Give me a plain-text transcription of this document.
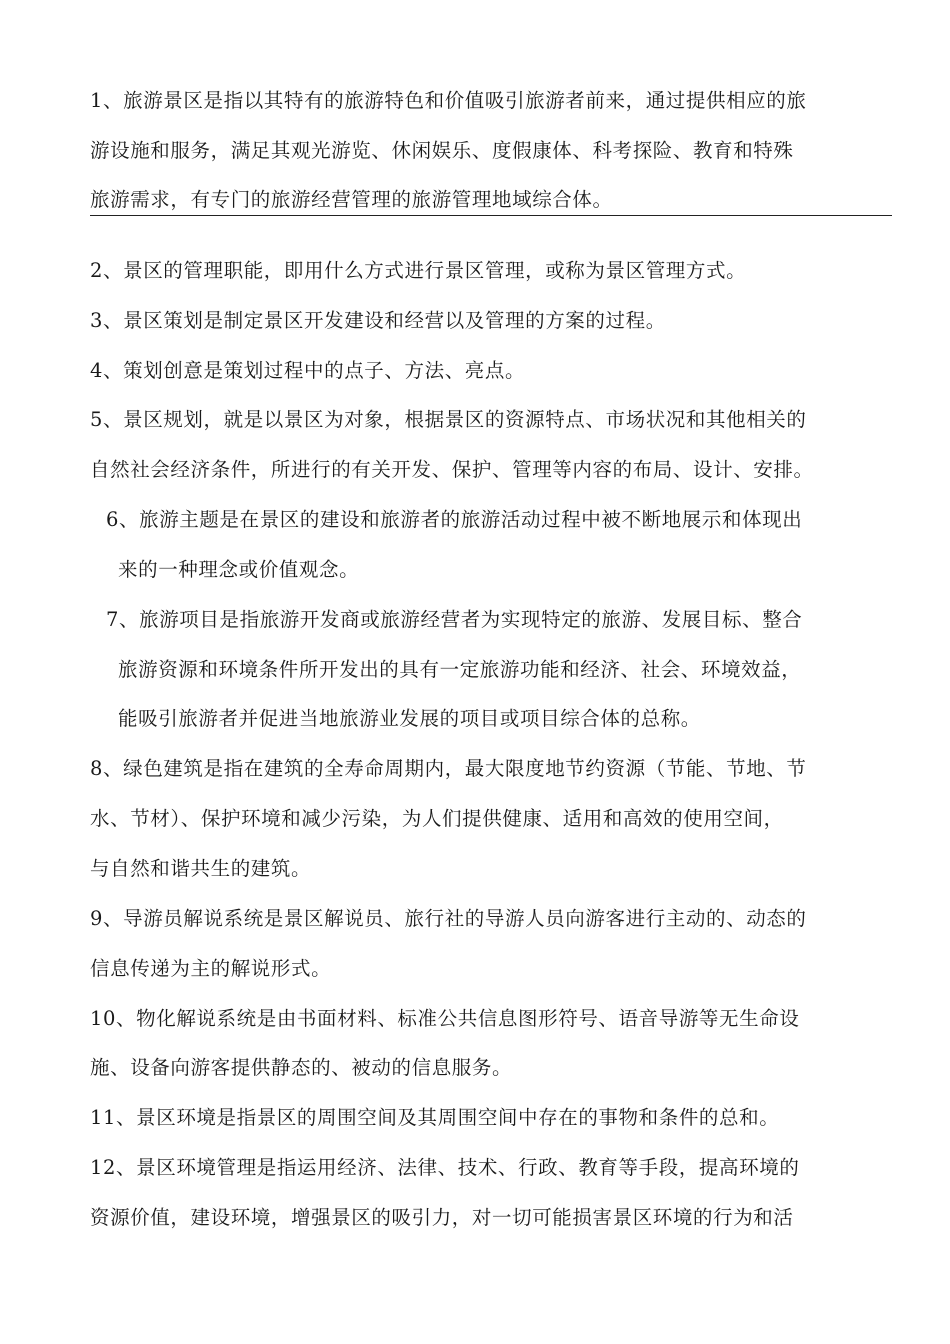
1、旅游景区是指以其特有的旅游特色和价值吸引旅游者前来，通过提供相应的旅
游设施和服务，满足其观光游览、休闲娱乐、度假康体、科考探险、教育和特殊
旅游需求，有专门的旅游经营管理的旅游管理地域综合体。
2、景区的管理职能，即用什么方式进行景区管理，或称为景区管理方式。
3、景区策划是制定景区开发建设和经营以及管理的方案的过程。
4、策划创意是策划过程中的点子、方法、亮点。
5、景区规划，就是以景区为对象，根据景区的资源特点、市场状况和其他相关的
自然社会经济条件，所进行的有关开发、保护、管理等内容的布局、设计、安排。
6、旅游主题是在景区的建设和旅游者的旅游活动过程中被不断地展示和体现出
来的一种理念或价值观念。
7、旅游项目是指旅游开发商或旅游经营者为实现特定的旅游、发展目标、整合
旅游资源和环境条件所开发出的具有一定旅游功能和经济、社会、环境效益，
能吸引旅游者并促进当地旅游业发展的项目或项目综合体的总称。
8、绿色建筑是指在建筑的全寿命周期内，最大限度地节约资源（节能、节地、节
水、节材）、保护环境和减少污染，为人们提供健康、适用和高效的使用空间，
与自然和谐共生的建筑。
9、导游员解说系统是景区解说员、旅行社的导游人员向游客进行主动的、动态的
信息传递为主的解说形式。
10、物化解说系统是由书面材料、标准公共信息图形符号、语音导游等无生命设
施、设备向游客提供静态的、被动的信息服务。
11、景区环境是指景区的周围空间及其周围空间中存在的事物和条件的总和。
12、景区环境管理是指运用经济、法律、技术、行政、教育等手段，提高环境的
资源价值，建设环境，增强景区的吸引力，对一切可能损害景区环境的行为和活
